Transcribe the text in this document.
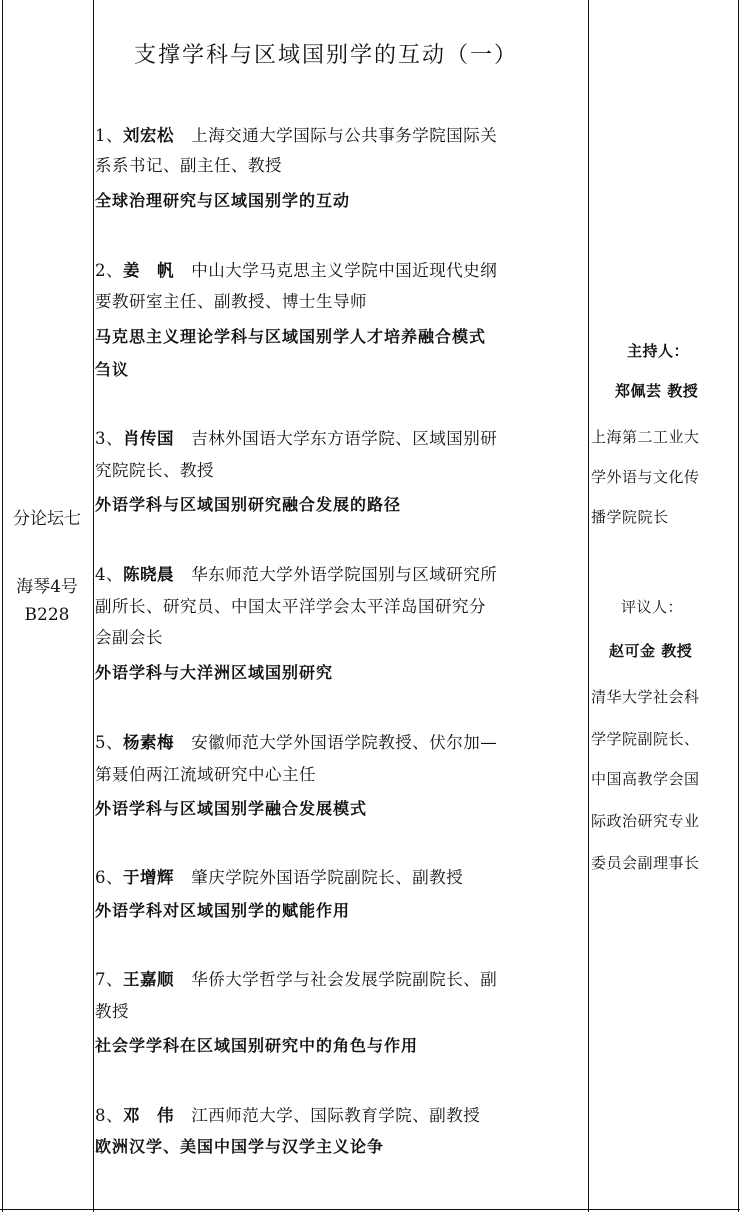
分论坛七
海琴4号
B228
支撑学科与区域国别学的互动（一）
1、刘宏松 上海交通大学国际与公共事务学院国际关
系系书记、副主任、教授
全球治理研究与区域国别学的互动
2、姜　帆 中山大学马克思主义学院中国近现代史纲
要教研室主任、副教授、博士生导师
马克思主义理论学科与区域国别学人才培养融合模式
刍议
3、肖传国 吉林外国语大学东方语学院、区域国别研
究院院长、教授
外语学科与区域国别研究融合发展的路径
4、陈晓晨 华东师范大学外语学院国别与区域研究所
副所长、研究员、中国太平洋学会太平洋岛国研究分
会副会长
外语学科与大洋洲区域国别研究
5、杨素梅 安徽师范大学外国语学院教授、伏尔加—
第聂伯两江流域研究中心主任
外语学科与区域国别学融合发展模式
6、于增辉 肇庆学院外国语学院副院长、副教授
外语学科对区域国别学的赋能作用
7、王嘉顺 华侨大学哲学与社会发展学院副院长、副
教授
社会学学科在区域国别研究中的角色与作用
8、邓　伟 江西师范大学、国际教育学院、副教授
欧洲汉学、美国中国学与汉学主义论争
主持人：
郑佩芸 教授
上海第二工业大
学外语与文化传
播学院院长
评议人：
赵可金 教授
清华大学社会科
学学院副院长、
中国高教学会国
际政治研究专业
委员会副理事长
